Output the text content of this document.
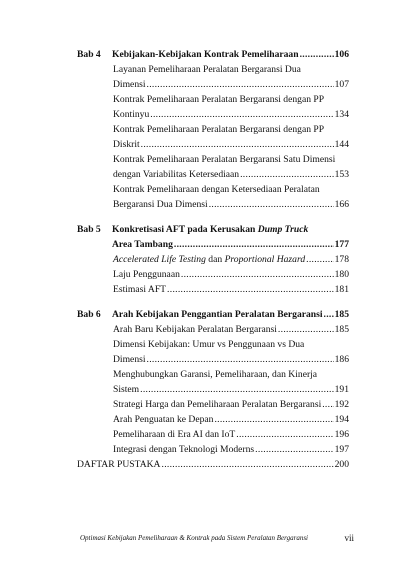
Bab 4 Kebijakan-Kebijakan Kontrak Pemeliharaan .....	106
Layanan Pemeliharaan Peralatan Bergaransi Dua
Dimensi .....	107
Kontrak Pemeliharaan Peralatan Bergaransi dengan PP
Kontinyu .....	134
Kontrak Pemeliharaan Peralatan Bergaransi dengan PP
Diskrit .....	144
Kontrak Pemeliharaan Peralatan Bergaransi Satu Dimensi
dengan Variabilitas Ketersediaan .....	153
Kontrak Pemeliharaan dengan Ketersediaan Peralatan
Bergaransi Dua Dimensi .....	166
Bab 5 Konkretisasi AFT pada Kerusakan Dump Truck
Area Tambang .....	177
Accelerated Life Testing dan Proportional Hazard .....	178
Laju Penggunaan .....	180
Estimasi AFT .....	181
Bab 6 Arah Kebijakan Penggantian Peralatan Bergaransi ..... 185
Arah Baru Kebijakan Peralatan Bergaransi .....	185
Dimensi Kebijakan: Umur vs Penggunaan vs Dua
Dimensi .....	186
Menghubungkan Garansi, Pemeliharaan, dan Kinerja
Sistem .....	191
Strategi Harga dan Pemeliharaan Peralatan Bergaransi ..... 192
Arah Penguatan ke Depan .....	194
Pemeliharaan di Era AI dan IoT .....	196
Integrasi dengan Teknologi Moderns .....	197
DAFTAR PUSTAKA .....	200
Optimasi Kebijakan Pemeliharaan & Kontrak pada Sistem Peralatan Bergaransi	vii
